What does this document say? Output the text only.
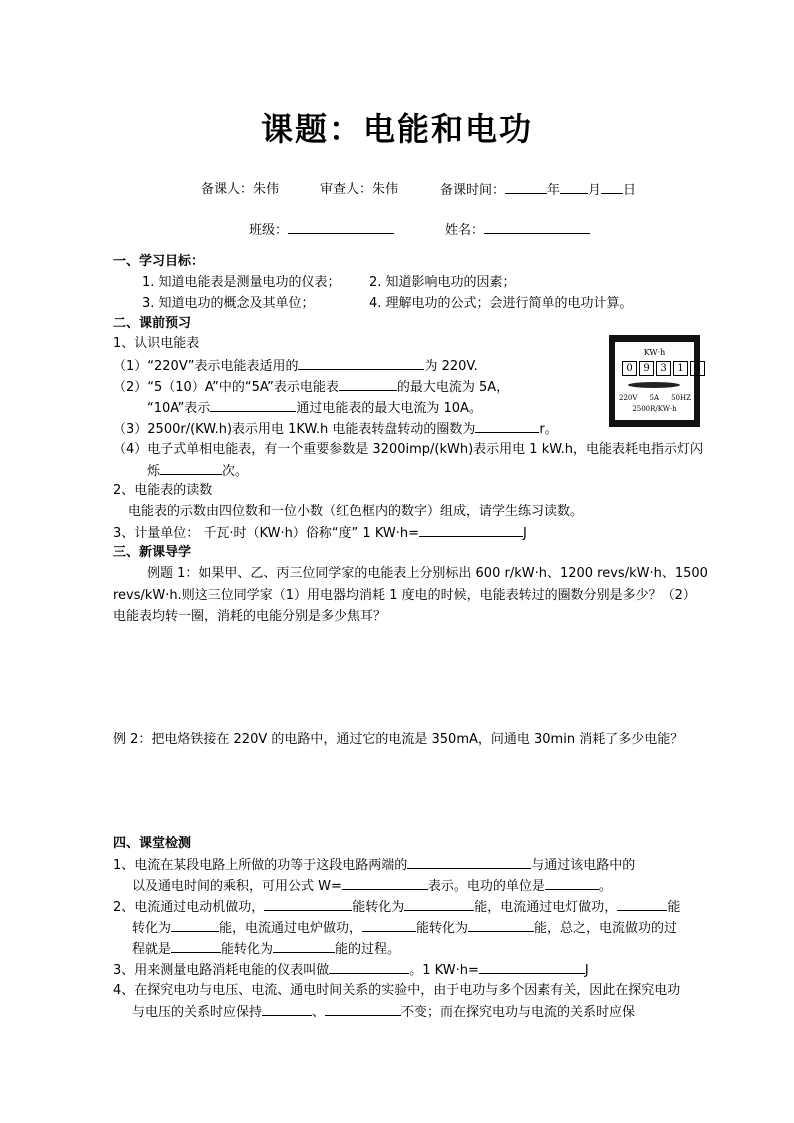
课题：电能和电功
备课人：朱伟	审查人：朱伟	备课时间：	年 月 日
班级：	姓名：
一、学习目标：
1. 知道电能表是测量电功的仪表； 2. 知道影响电功的因素；
3. 知道电功的概念及其单位；	4. 理解电功的公式；会进行简单的电功计算。
二、课前预习
1、认识电能表
（1）“220V”表示电能表适用的	为 220V.
（2）“5（10）A”中的“5A”表示电能表	的最大电流为 5A，
“10A”表示	通过电能表的最大电流为 10A。
（3）2500r/(KW.h)表示用电 1KW.h 电能表转盘转动的圈数为	r。
（4）电子式单相电能表，有一个重要参数是 3200imp/(kWh)表示用电 1 kW.h，电能表耗电指示灯闪
烁	次。
2、电能表的读数
电能表的示数由四位数和一位小数（红色框内的数字）组成，请学生练习读数。
3、计量单位： 千瓦·时（KW·h）俗称“度” 1 KW·h=	J
KW·h
0	9	3	1	6
220V 5A 50HZ
2500R/KW·h
三、新课导学
例题 1：如果甲、乙、丙三位同学家的电能表上分别标出 600 r/kW·h、1200 revs/kW·h、1500
revs/kW·h.则这三位同学家（1）用电器均消耗 1 度电的时候，电能表转过的圈数分别是多少？（2）
电能表均转一圈，消耗的电能分别是多少焦耳？
例 2：把电烙铁接在 220V 的电路中，通过它的电流是 350mA，问通电 30min 消耗了多少电能？
四、课堂检测
1、电流在某段电路上所做的功等于这段电路两端的	与通过该电路中的
以及通电时间的乘积，可用公式 W=	表示。电功的单位是	。
2、电流通过电动机做功，	能转化为	能，电流通过电灯做功，	能
转化为	能，电流通过电炉做功，	能转化为	能，总之，电流做功的过
程就是	能转化为	能的过程。
3、用来测量电路消耗电能的仪表叫做	。1 KW·h=	J
4、在探究电功与电压、电流、通电时间关系的实验中，由于电功与多个因素有关，因此在探究电功
与电压的关系时应保持	、	不变；而在探究电功与电流的关系时应保
